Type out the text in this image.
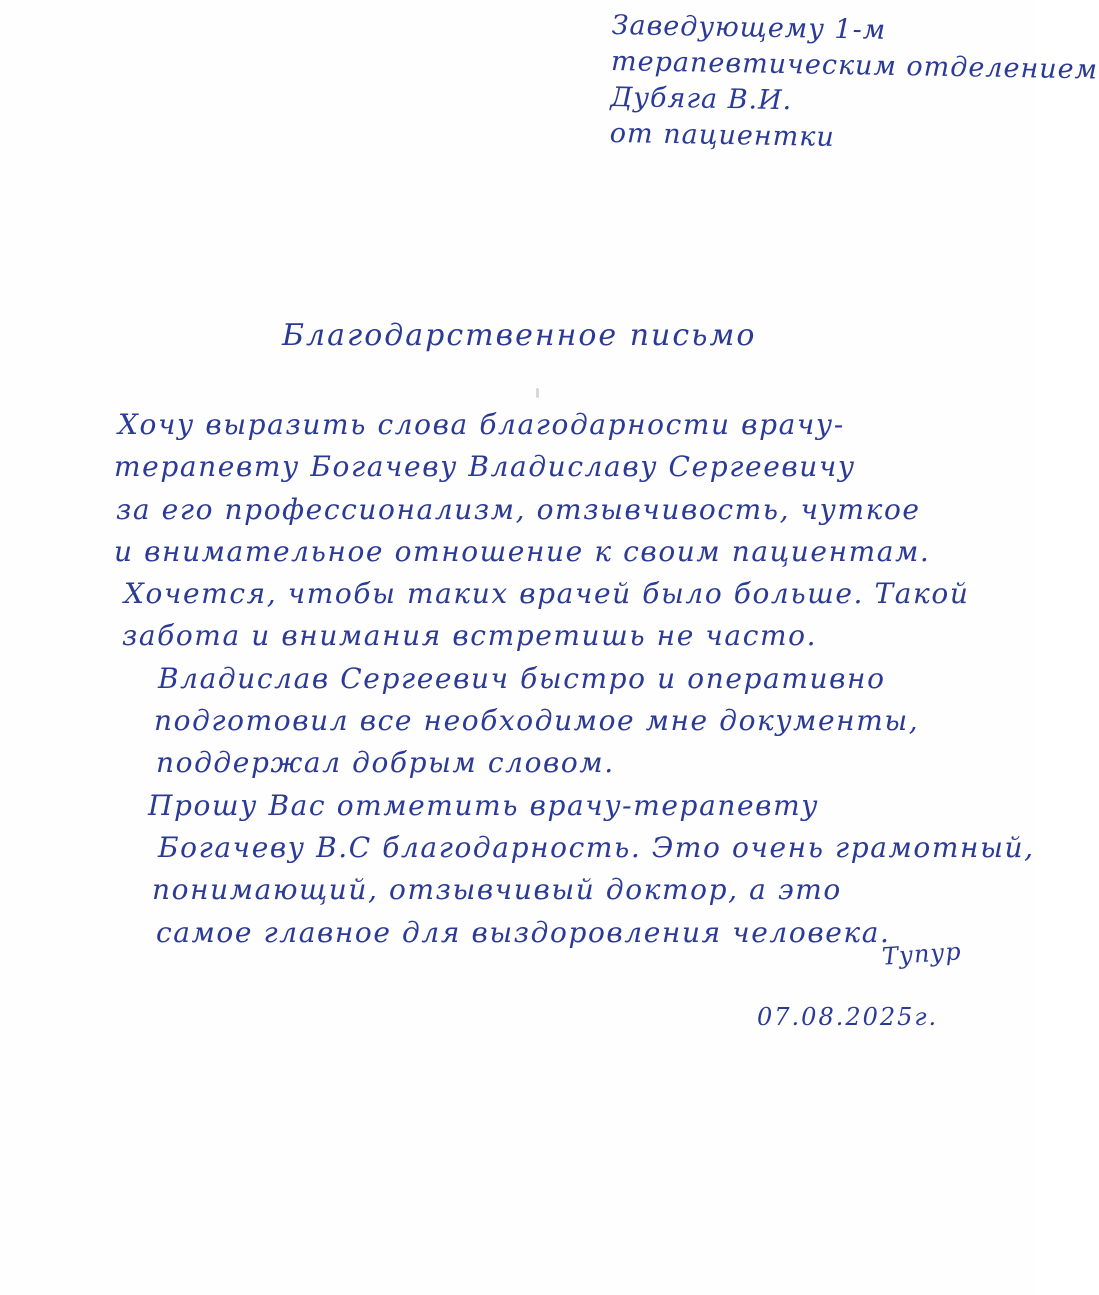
Заведующему 1-м
терапевтическим отделением
Дубяга В.И.
от пациентки
Благодарственное письмо
Хочу выразить слова благодарности врачу-
терапевту Богачеву Владиславу Сергеевичу
за его профессионализм, отзывчивость, чуткое
и внимательное отношение к своим пациентам.
Хочется, чтобы таких врачей было больше. Такой
забота и внимания встретишь не часто.
Владислав Сергеевич быстро и оперативно
подготовил все необходимое мне документы,
поддержал добрым словом.
Прошу Вас отметить врачу-терапевту
Богачеву В.С благодарность. Это очень грамотный,
понимающий, отзывчивый доктор, а это
самое главное для выздоровления человека.
Тупур
07.08.2025г.
